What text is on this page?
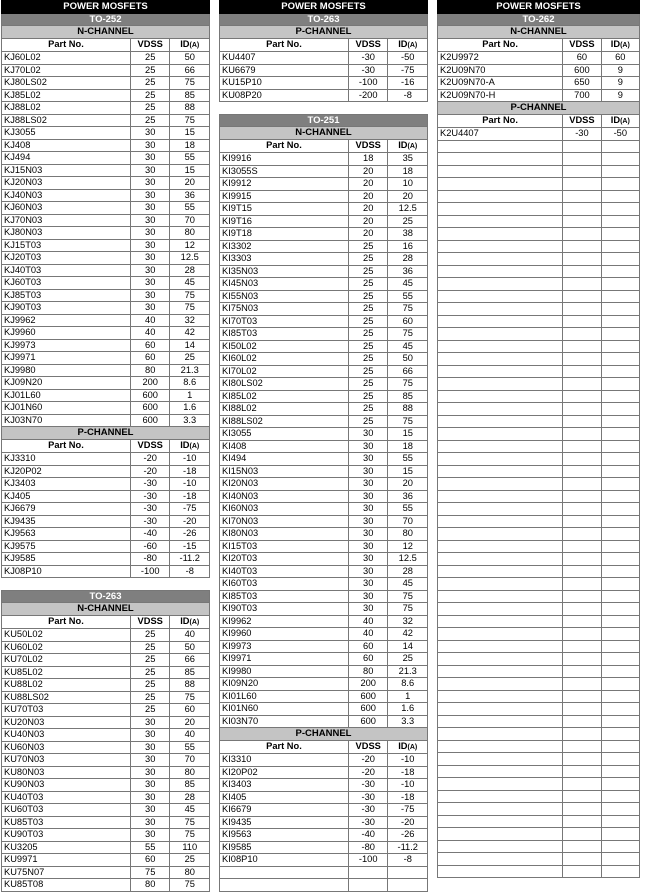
POWER MOSFETS		
TO-252		
N-CHANNEL		
Part No.	VDSS	ID(A)
KJ60L02	25	50
KJ70L02	25	66
KJ80LS02	25	75
KJ85L02	25	85
KJ88L02	25	88
KJ88LS02	25	75
KJ3055	30	15
KJ408	30	18
KJ494	30	55
KJ15N03	30	15
KJ20N03	30	20
KJ40N03	30	36
KJ60N03	30	55
KJ70N03	30	70
KJ80N03	30	80
KJ15T03	30	12
KJ20T03	30	12.5
KJ40T03	30	28
KJ60T03	30	45
KJ85T03	30	75
KJ90T03	30	75
KJ9962	40	32
KJ9960	40	42
KJ9973	60	14
KJ9971	60	25
KJ9980	80	21.3
KJ09N20	200	8.6
KJ01L60	600	1
KJ01N60	600	1.6
KJ03N70	600	3.3
P-CHANNEL		
Part No.	VDSS	ID(A)
KJ3310	-20	-10
KJ20P02	-20	-18
KJ3403	-30	-10
KJ405	-30	-18
KJ6679	-30	-75
KJ9435	-30	-20
KJ9563	-40	-26
KJ9575	-60	-15
KJ9585	-80	-11.2
KJ08P10	-100	-8

TO-263		
N-CHANNEL		
Part No.	VDSS	ID(A)
KU50L02	25	40
KU60L02	25	50
KU70L02	25	66
KU85L02	25	85
KU88L02	25	88
KU88LS02	25	75
KU70T03	25	60
KU20N03	30	20
KU40N03	30	40
KU60N03	30	55
KU70N03	30	70
KU80N03	30	80
KU90N03	30	85
KU40T03	30	28
KU60T03	30	45
KU85T03	30	75
KU90T03	30	75
KU3205	55	110
KU9971	60	25
KU75N07	75	80
KU85T08	80	75
POWER MOSFETS		
TO-263		
P-CHANNEL		
Part No.	VDSS	ID(A)
KU4407	-30	-50
KU6679	-30	-75
KU15P10	-100	-16
KU08P20	-200	-8

TO-251		
N-CHANNEL		
Part No.	VDSS	ID(A)
KI9916	18	35
KI3055S	20	18
KI9912	20	10
KI9915	20	20
KI9T15	20	12.5
KI9T16	20	25
KI9T18	20	38
KI3302	25	16
KI3303	25	28
KI35N03	25	36
KI45N03	25	45
KI55N03	25	55
KI75N03	25	75
KI70T03	25	60
KI85T03	25	75
KI50L02	25	45
KI60L02	25	50
KI70L02	25	66
KI80LS02	25	75
KI85L02	25	85
KI88L02	25	88
KI88LS02	25	75
KI3055	30	15
KI408	30	18
KI494	30	55
KI15N03	30	15
KI20N03	30	20
KI40N03	30	36
KI60N03	30	55
KI70N03	30	70
KI80N03	30	80
KI15T03	30	12
KI20T03	30	12.5
KI40T03	30	28
KI60T03	30	45
KI85T03	30	75
KI90T03	30	75
KI9962	40	32
KI9960	40	42
KI9973	60	14
KI9971	60	25
KI9980	80	21.3
KI09N20	200	8.6
KI01L60	600	1
KI01N60	600	1.6
KI03N70	600	3.3
P-CHANNEL		
Part No.	VDSS	ID(A)
KI3310	-20	-10
KI20P02	-20	-18
KI3403	-30	-10
KI405	-30	-18
KI6679	-30	-75
KI9435	-30	-20
KI9563	-40	-26
KI9585	-80	-11.2
KI08P10	-100	-8

POWER MOSFETS		
TO-262		
N-CHANNEL		
Part No.	VDSS	ID(A)
K2U9972	60	60
K2U09N70	600	9
K2U09N70-A	650	9
K2U09N70-H	700	9
P-CHANNEL		
Part No.	VDSS	ID(A)
K2U4407	-30	-50
